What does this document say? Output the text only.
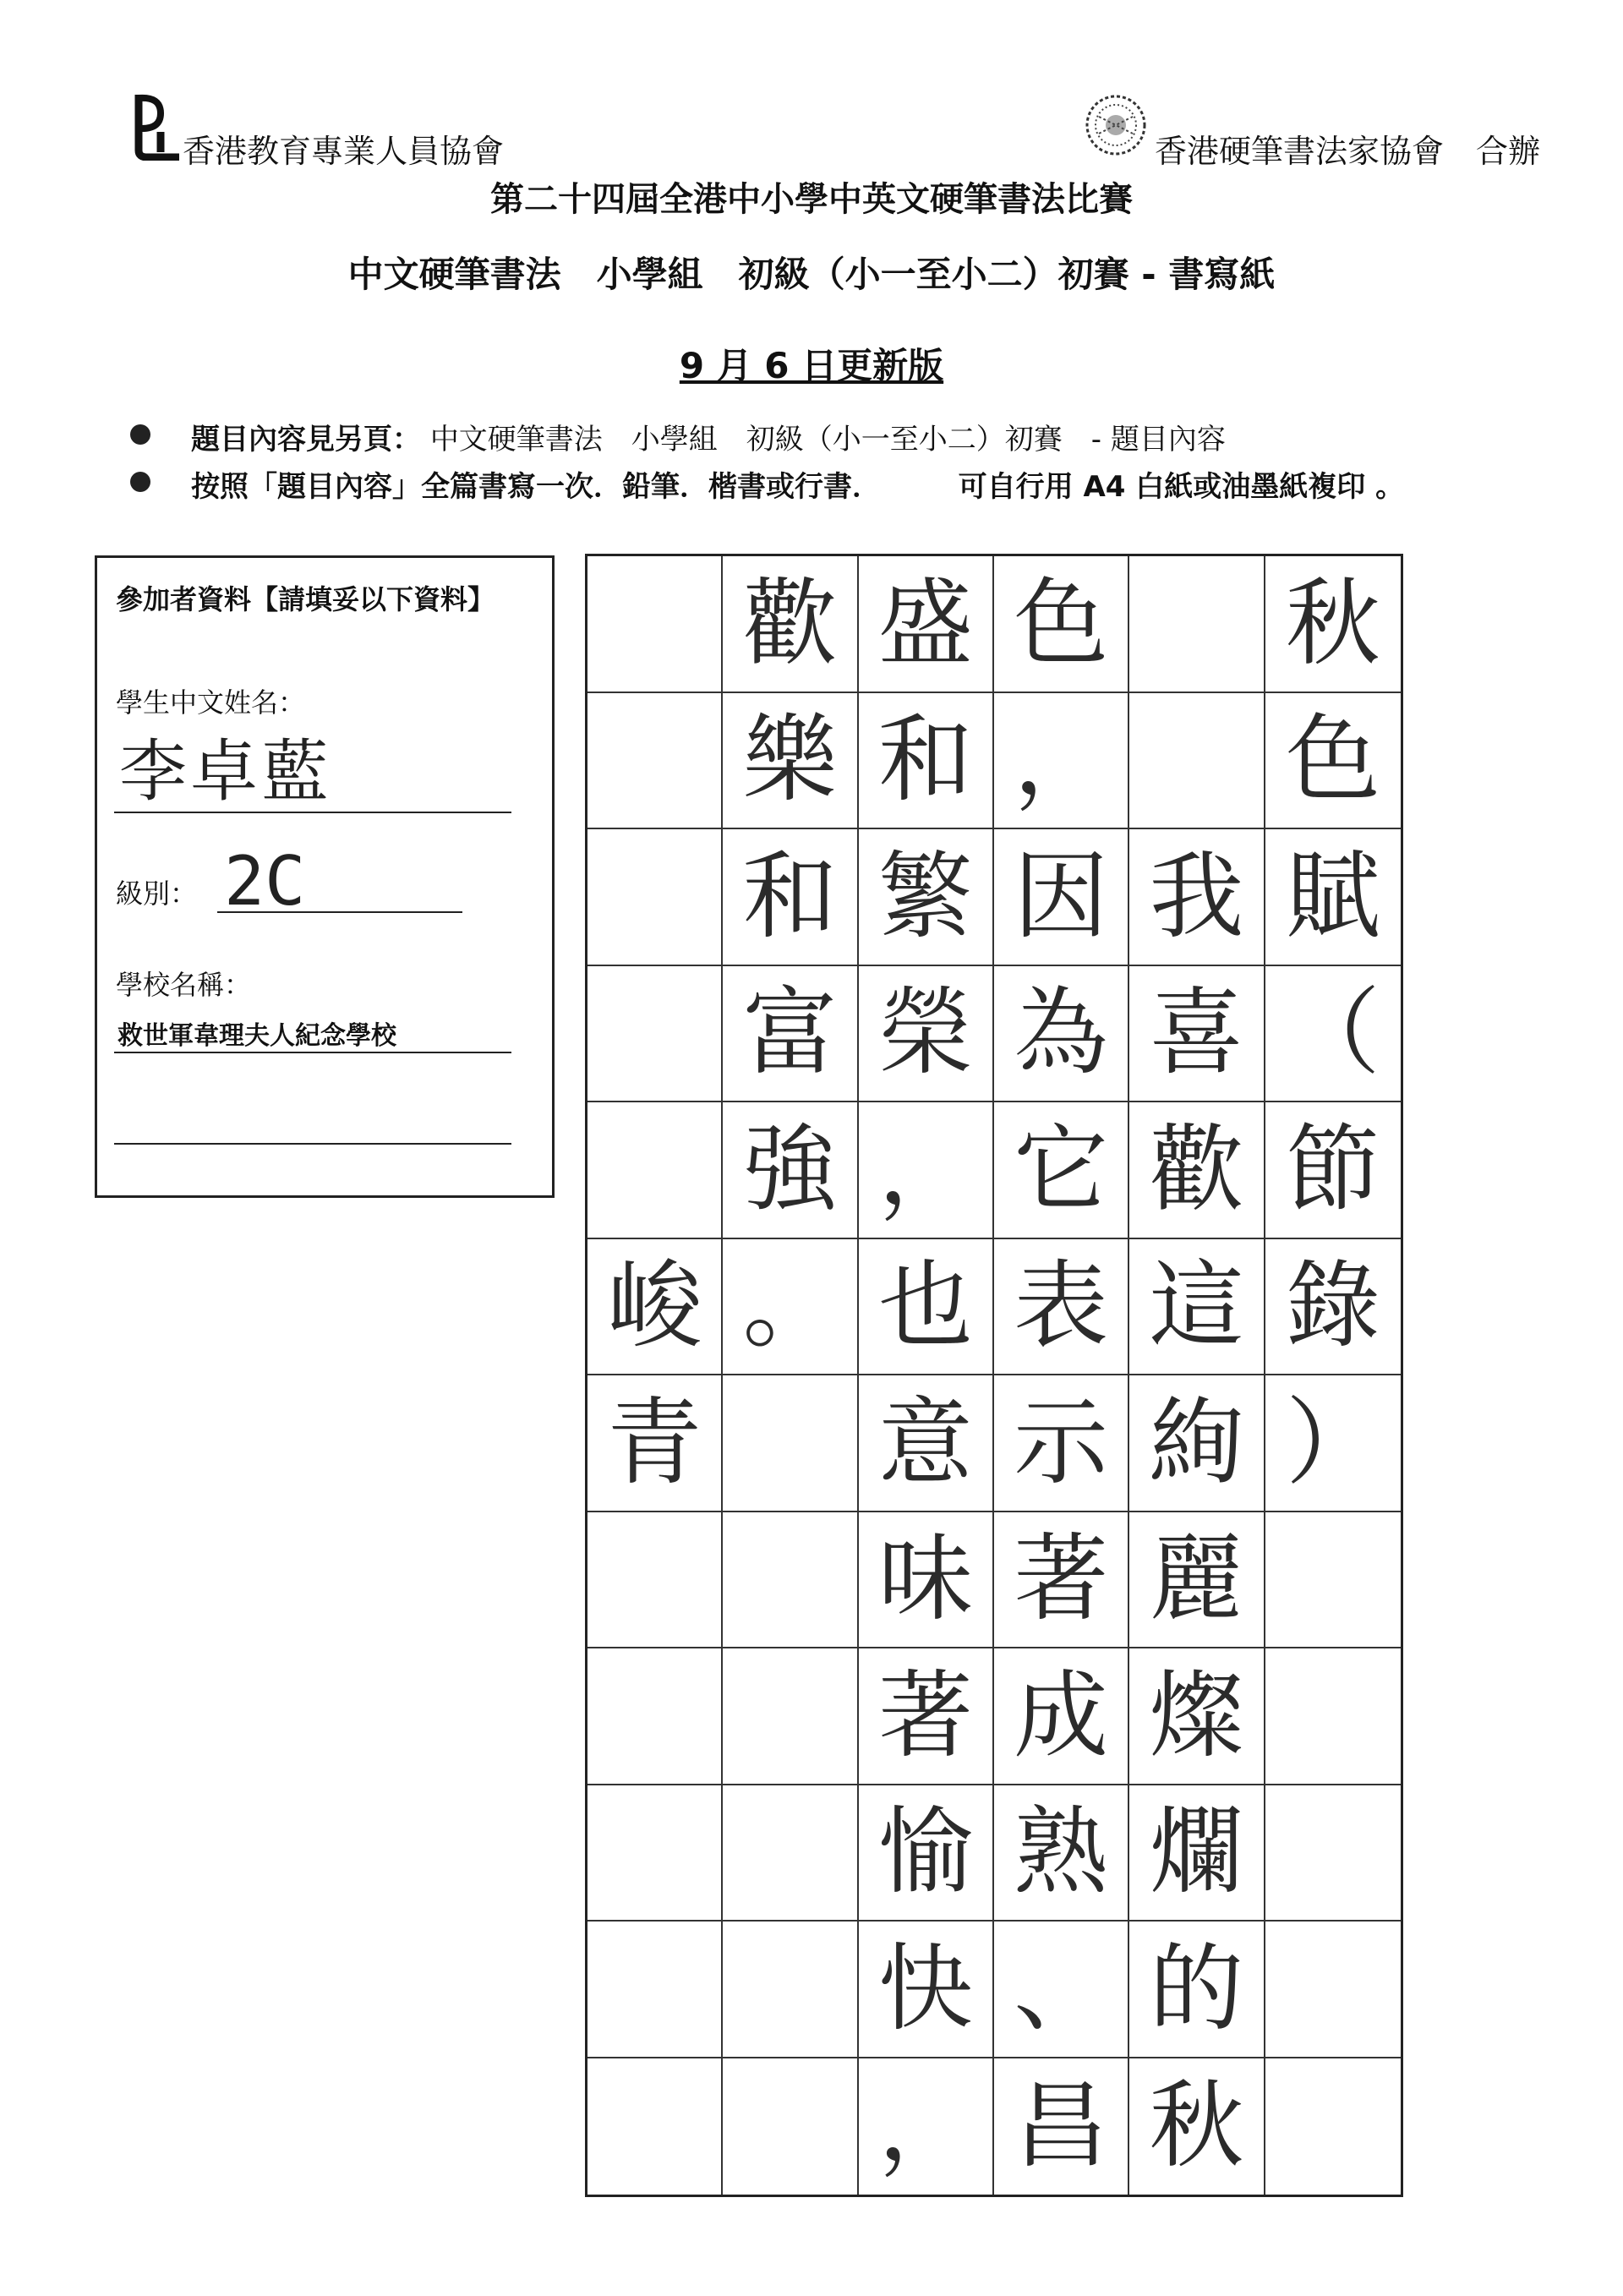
香港教育專業人員協會	香港硬筆書法家協會　合辦
第二十四屆全港中小學中英文硬筆書法比賽
中文硬筆書法　小學組　初級（小一至小二）初賽 - 書寫紙
9 月 6 日更新版
題目內容見另頁： 中文硬筆書法　小學組　初級（小一至小二）初賽　- 題目內容
按照「題目內容」全篇書寫一次．鉛筆．楷書或行書．	可自行用 A4 白紙或油墨紙複印 。
參加者資料【請填妥以下資料】
學生中文姓名：
李卓藍
級別： 2C
學校名稱：
救世軍韋理夫人紀念學校
秋
色
賦
（
節
錄
）
我
喜
歡
這
絢
麗
燦
爛
的
秋
色
，
因
為
它
表
示
著
成
熟
、
昌
盛
和
繁
榮
，
也
意
味
著
愉
快
，
歡
樂
和
富
強
。
峻
青
